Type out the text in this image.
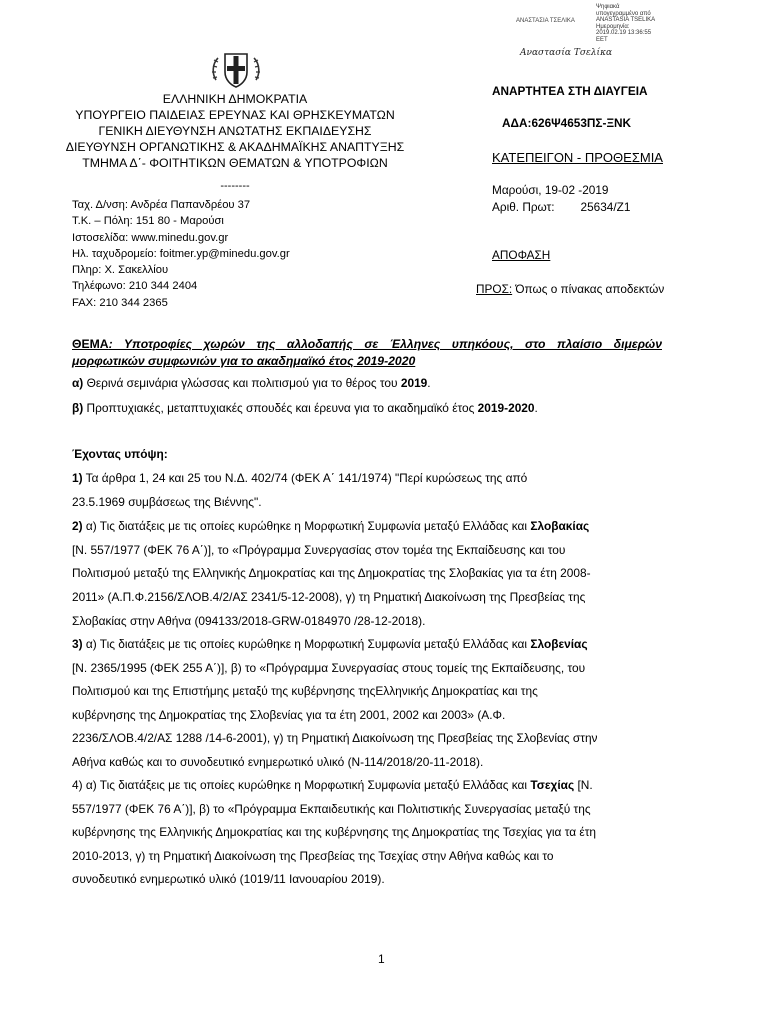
ΑΝΑΣΤΑΣΙΑ ΤΣΕΛΙΚΑ
Αναστασία Τσελίκα
Ψηφιακά
υπογεγραμμένο από
ANASTASIA TSELIKA
Ημερομηνία:
2019.02.19 13:36:55
EET
ΕΛΛΗΝΙΚΗ ΔΗΜΟΚΡΑΤΙΑ
ΥΠΟΥΡΓΕΙΟ ΠΑΙΔΕΙΑΣ ΕΡΕΥΝΑΣ ΚΑΙ ΘΡΗΣΚΕΥΜΑΤΩΝ
ΓΕΝΙΚΗ ΔΙΕΥΘΥΝΣΗ ΑΝΩΤΑΤΗΣ ΕΚΠΑΙΔΕΥΣΗΣ
ΔΙΕΥΘΥΝΣΗ ΟΡΓΑΝΩΤΙΚΗΣ & ΑΚΑΔΗΜΑΪΚΗΣ ΑΝΑΠΤΥΞΗΣ
ΤΜΗΜΑ Δ΄- ΦΟΙΤΗΤΙΚΩΝ ΘΕΜΑΤΩΝ & ΥΠΟΤΡΟΦΙΩΝ
--------
Ταχ. Δ/νση: Ανδρέα Παπανδρέου 37
Τ.Κ. – Πόλη: 151 80 - Μαρούσι
Ιστοσελίδα: www.minedu.gov.gr
Ηλ. ταχυδρομείο: foitmer.yp@minedu.gov.gr
Πληρ: Χ. Σακελλίου
Τηλέφωνο: 210 344 2404
FAX: 210 344 2365
ΑΝΑΡΤΗΤΕΑ ΣΤΗ ΔΙΑΥΓΕΙΑ
ΑΔΑ:626Ψ4653ΠΣ-ΞΝΚ
ΚΑΤΕΠΕΙΓΟΝ - ΠΡΟΘΕΣΜΙΑ
Μαρούσι, 19-02 -2019
Αριθ. Πρωτ: 25634/Ζ1
ΑΠΟΦΑΣΗ
ΠΡΟΣ: Όπως ο πίνακας αποδεκτών
ΘΕΜΑ: Υποτροφίες χωρών της αλλοδαπής σε Έλληνες υπηκόους, στο πλαίσιο διμερών
μορφωτικών συμφωνιών για το ακαδημαϊκό έτος 2019-2020
α) Θερινά σεμινάρια γλώσσας και πολιτισμού για το θέρος του 2019.
β) Προπτυχιακές, μεταπτυχιακές σπουδές και έρευνα για το ακαδημαϊκό έτος 2019-2020.
Έχοντας υπόψη:
1) Τα άρθρα 1, 24 και 25 του Ν.Δ. 402/74 (ΦΕΚ Α΄ 141/1974) "Περί κυρώσεως της από
23.5.1969 συμβάσεως της Βιέννης".
2) α) Τις διατάξεις με τις οποίες κυρώθηκε η Μορφωτική Συμφωνία μεταξύ Ελλάδας και Σλοβακίας
[Ν. 557/1977 (ΦΕΚ 76 Α΄)], το «Πρόγραμμα Συνεργασίας στον τομέα της Εκπαίδευσης και του
Πολιτισμού μεταξύ της Ελληνικής Δημοκρατίας και της Δημοκρατίας της Σλοβακίας για τα έτη 2008-
2011» (Α.Π.Φ.2156/ΣΛΟΒ.4/2/ΑΣ 2341/5-12-2008), γ) τη Ρηματική Διακοίνωση της Πρεσβείας της
Σλοβακίας στην Αθήνα (094133/2018-GRW-0184970 /28-12-2018).
3) α) Τις διατάξεις με τις οποίες κυρώθηκε η Μορφωτική Συμφωνία μεταξύ Ελλάδας και Σλοβενίας
[Ν. 2365/1995 (ΦΕΚ 255 Α΄)], β) το «Πρόγραμμα Συνεργασίας στους τομείς της Εκπαίδευσης, του
Πολιτισμού και της Επιστήμης μεταξύ της κυβέρνησης τηςΕλληνικής Δημοκρατίας και της
κυβέρνησης της Δημοκρατίας της Σλοβενίας για τα έτη 2001, 2002 και 2003» (Α.Φ.
2236/ΣΛΟΒ.4/2/ΑΣ 1288 /14-6-2001), γ) τη Ρηματική Διακοίνωση της Πρεσβείας της Σλοβενίας στην
Αθήνα καθώς και το συνοδευτικό ενημερωτικό υλικό (Ν-114/2018/20-11-2018).
4) α) Τις διατάξεις με τις οποίες κυρώθηκε η Μορφωτική Συμφωνία μεταξύ Ελλάδας και Τσεχίας [Ν.
557/1977 (ΦΕΚ 76 Α΄)], β) το «Πρόγραμμα Εκπαιδευτικής και Πολιτιστικής Συνεργασίας μεταξύ της
κυβέρνησης της Ελληνικής Δημοκρατίας και της κυβέρνησης της Δημοκρατίας της Τσεχίας για τα έτη
2010-2013, γ) τη Ρηματική Διακοίνωση της Πρεσβείας της Τσεχίας στην Αθήνα καθώς και το
συνοδευτικό ενημερωτικό υλικό (1019/11 Ιανουαρίου 2019).
1
